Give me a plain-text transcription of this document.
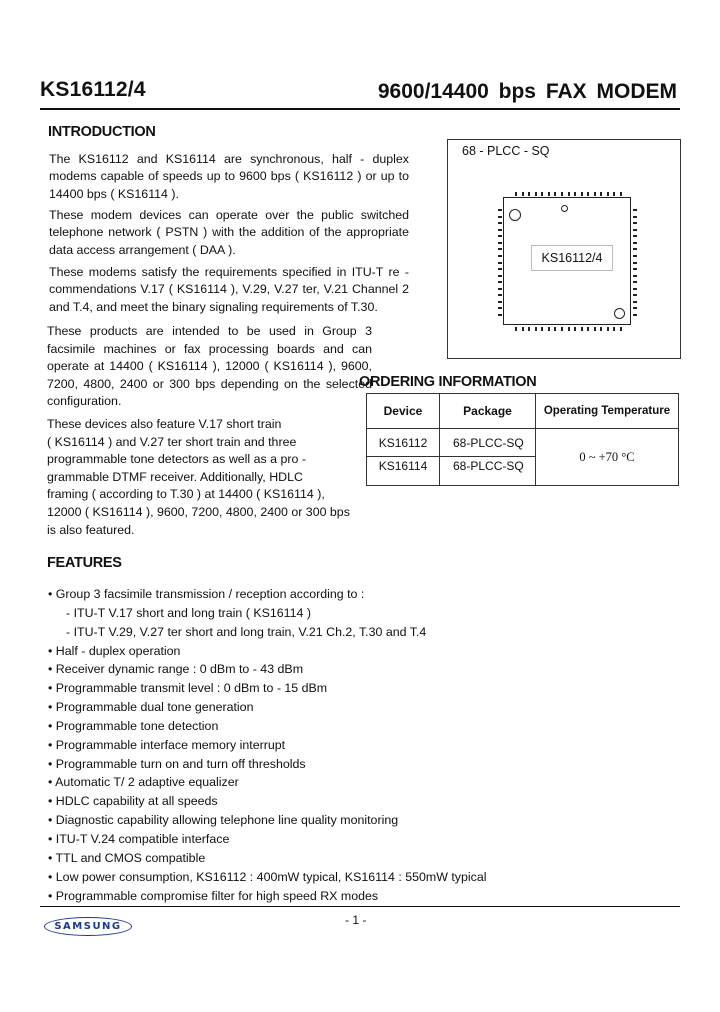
KS16112/4	9600/14400 bps FAX MODEM
INTRODUCTION
The KS16112 and KS16114 are synchronous, half - duplex modems capable of speeds up to 9600 bps ( KS16112 ) or up to 14400 bps ( KS16114 ).
These modem devices can operate over the public switched telephone network ( PSTN ) with the addition of the appropriate data access arrangement ( DAA ).
These modems satisfy the requirements specified in ITU-T re - commendations V.17 ( KS16114 ), V.29, V.27 ter, V.21 Channel 2 and T.4, and meet the binary signaling requirements of T.30.
These products are intended to be used in Group 3 facsimile machines or fax processing boards and can operate at 14400 ( KS16114 ), 12000 ( KS16114 ), 9600, 7200, 4800, 2400 or 300 bps depending on the selected configuration.
These devices also feature V.17 short train
( KS16114 ) and V.27 ter short train and three
programmable tone detectors as well as a pro -
grammable DTMF receiver. Additionally, HDLC
framing ( according to T.30 ) at 14400 ( KS16114 ),
12000 ( KS16114 ), 9600, 7200, 4800, 2400 or 300 bps
is also featured.
68 - PLCC - SQ
KS16112/4
ORDERING INFORMATION
Device	Package	Operating Temperature
KS16112	68-PLCC-SQ	0 ~ +70 °C
KS16114	68-PLCC-SQ	
FEATURES
• Group 3 facsimile transmission / reception according to :
- ITU-T V.17 short and long train ( KS16114 )
- ITU-T V.29, V.27 ter short and long train, V.21 Ch.2, T.30 and T.4
• Half - duplex operation
• Receiver dynamic range : 0 dBm to - 43 dBm
• Programmable transmit level : 0 dBm to - 15 dBm
• Programmable dual tone generation
• Programmable tone detection
• Programmable interface memory interrupt
• Programmable turn on and turn off thresholds
• Automatic T/ 2 adaptive equalizer
• HDLC capability at all speeds
• Diagnostic capability allowing telephone line quality monitoring
• ITU-T V.24 compatible interface
• TTL and CMOS compatible
• Low power consumption, KS16112 : 400mW typical, KS16114 : 550mW typical
• Programmable compromise filter for high speed RX modes
SAMSUNG	- 1 -
